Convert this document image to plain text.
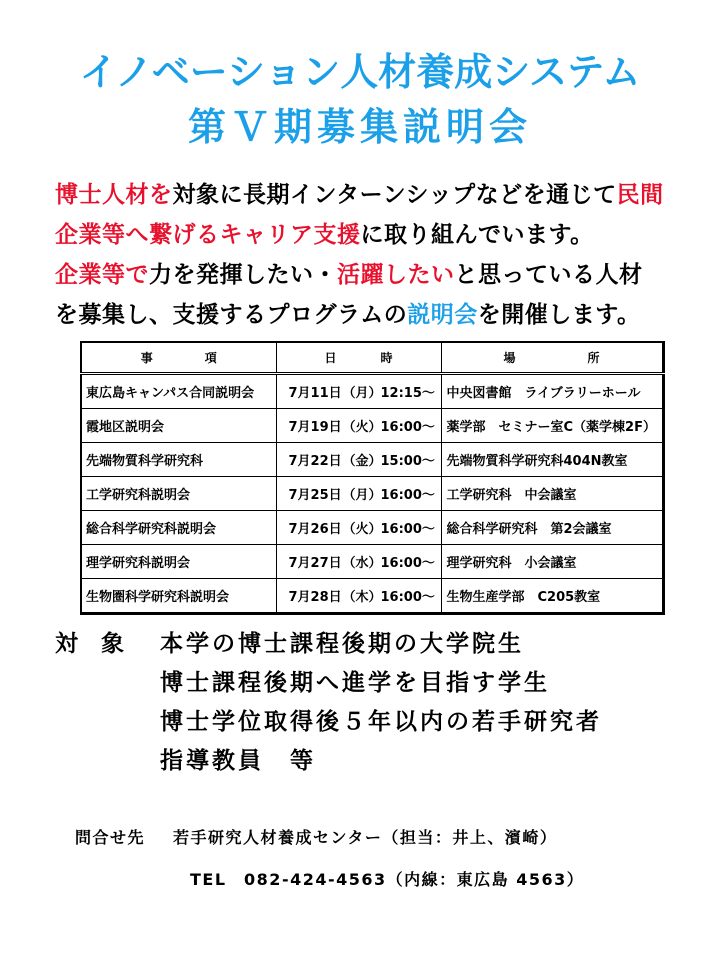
イノベーション人材養成システム
第Ｖ期募集説明会
博士人材を対象に長期インターンシップなどを通じて民間
企業等へ繋げるキャリア支援に取り組んでいます。
企業等で力を発揮したい・活躍したいと思っている人材
を募集し、支援するプログラムの説明会を開催します。
事　　　項	日　　　時	場　　　所
東広島キャンパス合同説明会	7月11日（月）12:15～	中央図書館　ライブラリーホール
霞地区説明会	7月19日（火）16:00～	薬学部　セミナー室C（薬学棟2F）
先端物質科学研究科	7月22日（金）15:00～	先端物質科学研究科404N教室
工学研究科説明会	7月25日（月）16:00～	工学研究科　中会議室
総合科学研究科説明会	7月26日（火）16:00～	総合科学研究科　第2会議室
理学研究科説明会	7月27日（水）16:00～	理学研究科　小会議室
生物圏科学研究科説明会	7月28日（木）16:00～	生物生産学部　C205教室
対　象 本学の博士課程後期の大学院生
博士課程後期へ進学を目指す学生
博士学位取得後５年以内の若手研究者
指導教員　等
問合せ先 若手研究人材養成センター（担当：井上、濱崎）
TEL　082-424-4563（内線：東広島 4563）
